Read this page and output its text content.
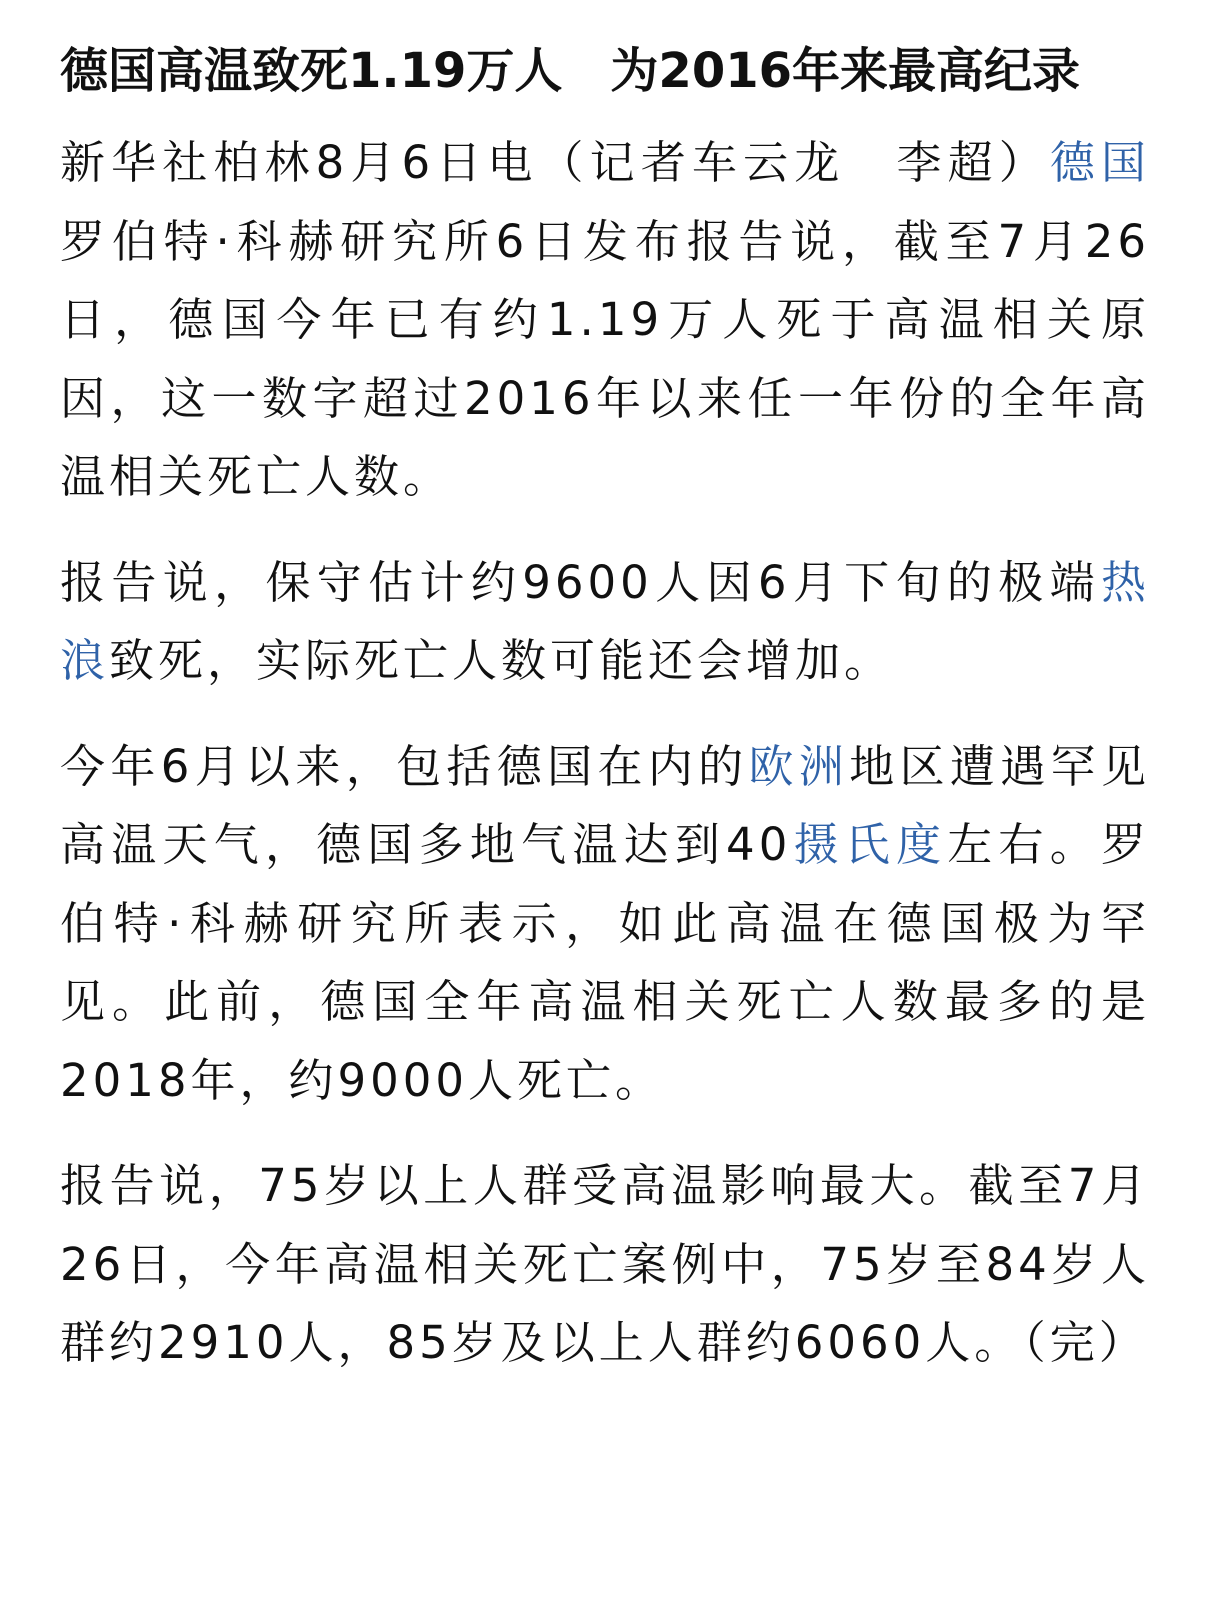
德国高温致死1.19万人　为2016年来最高纪录

新华社柏林8月6日电（记者车云龙　李超）德国罗伯特·科赫研究所6日发布报告说，截至7月26日，德国今年已有约1.19万人死于高温相关原因，这一数字超过2016年以来任一年份的全年高温相关死亡人数。

报告说，保守估计约9600人因6月下旬的极端热浪致死，实际死亡人数可能还会增加。

今年6月以来，包括德国在内的欧洲地区遭遇罕见高温天气，德国多地气温达到40摄氏度左右。罗伯特·科赫研究所表示，如此高温在德国极为罕见。此前，德国全年高温相关死亡人数最多的是2018年，约9000人死亡。

报告说，75岁以上人群受高温影响最大。截至7月26日，今年高温相关死亡案例中，75岁至84岁人群约2910人，85岁及以上人群约6060人。（完）
